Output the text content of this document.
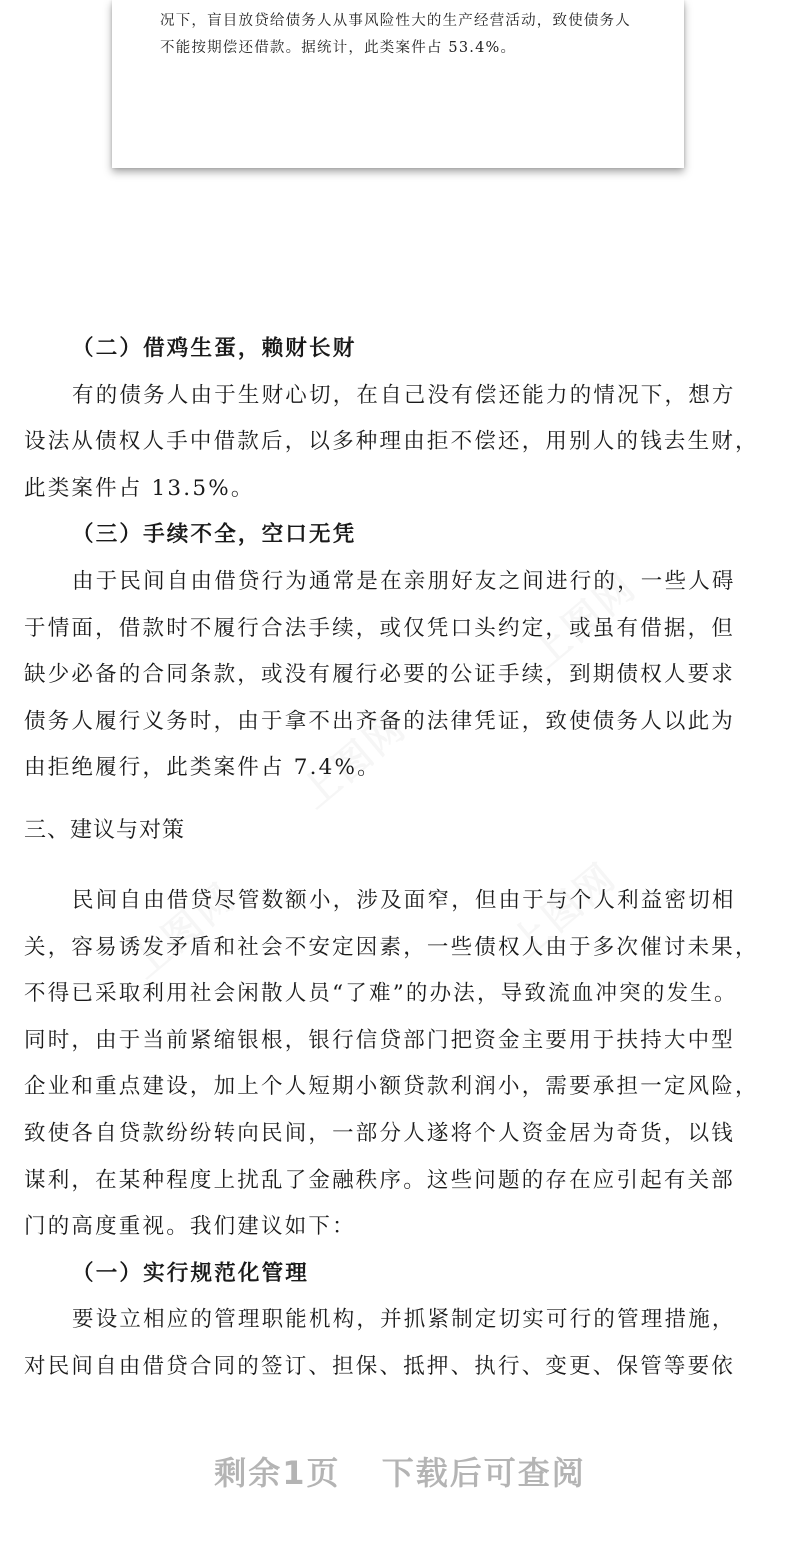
况下，盲目放贷给债务人从事风险性大的生产经营活动，致使债务人

不能按期偿还借款。据统计，此类案件占 53.4%。

（二）借鸡生蛋，赖财长财

有的债务人由于生财心切，在自己没有偿还能力的情况下，想方

设法从债权人手中借款后，以多种理由拒不偿还，用别人的钱去生财，

此类案件占 13.5%。

（三）手续不全，空口无凭

由于民间自由借贷行为通常是在亲朋好友之间进行的，一些人碍

于情面，借款时不履行合法手续，或仅凭口头约定，或虽有借据，但

缺少必备的合同条款，或没有履行必要的公证手续，到期债权人要求

债务人履行义务时，由于拿不出齐备的法律凭证，致使债务人以此为

由拒绝履行，此类案件占 7.4%。

三、建议与对策

民间自由借贷尽管数额小，涉及面窄，但由于与个人利益密切相

关，容易诱发矛盾和社会不安定因素，一些债权人由于多次催讨未果，

不得已采取利用社会闲散人员“了难”的办法，导致流血冲突的发生。

同时，由于当前紧缩银根，银行信贷部门把资金主要用于扶持大中型

企业和重点建设，加上个人短期小额贷款利润小，需要承担一定风险，

致使各自贷款纷纷转向民间，一部分人遂将个人资金居为奇货，以钱

谋利，在某种程度上扰乱了金融秩序。这些问题的存在应引起有关部

门的高度重视。我们建议如下：

（一）实行规范化管理

要设立相应的管理职能机构，并抓紧制定切实可行的管理措施，

对民间自由借贷合同的签订、担保、抵押、执行、变更、保管等要依

剩余1页 下载后可查阅
